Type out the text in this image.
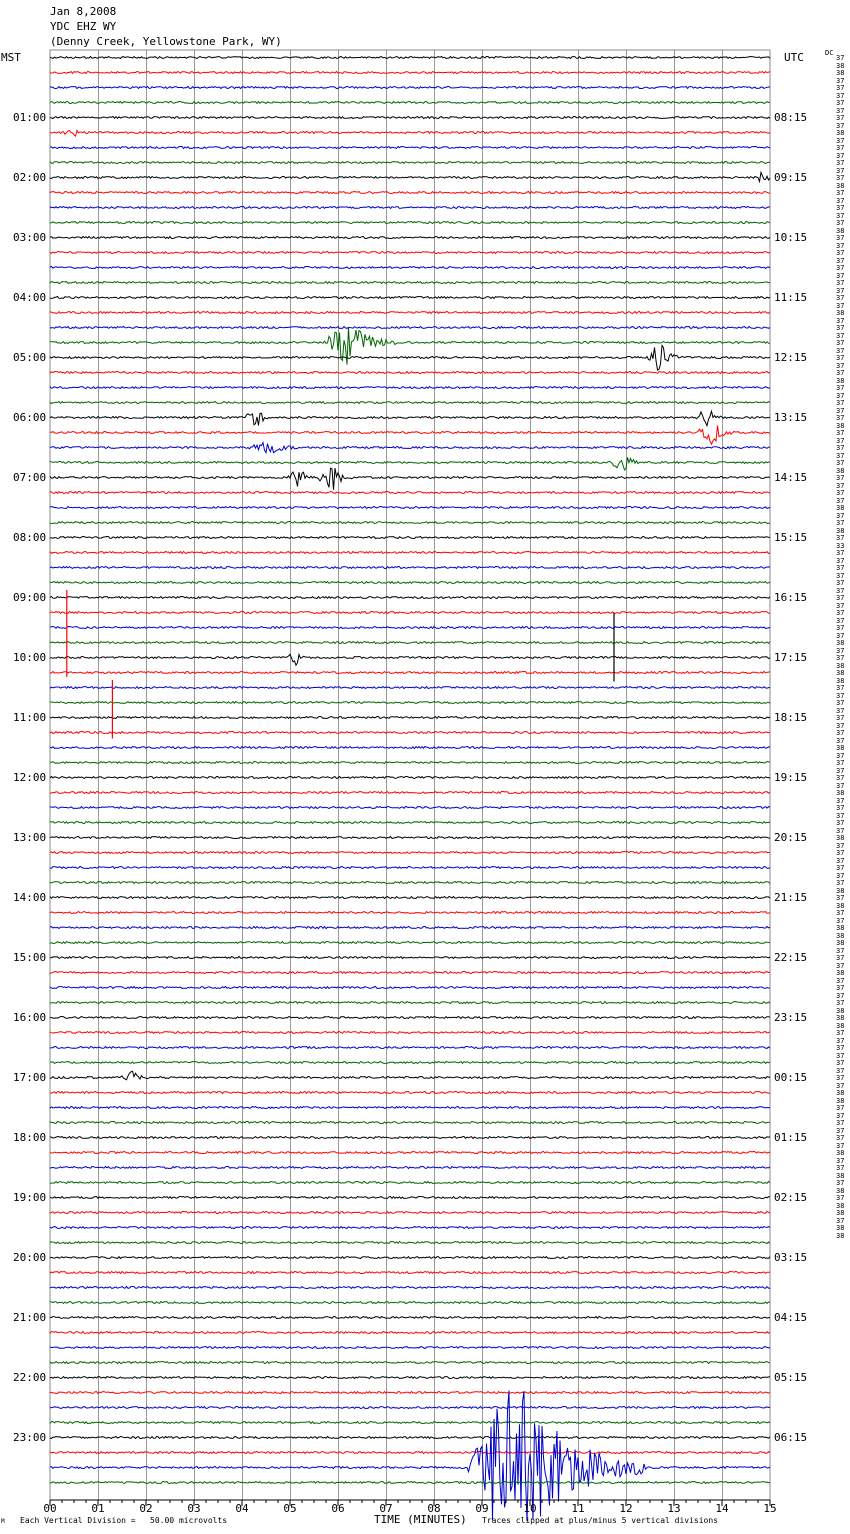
00	01	02	03	04	05	06	07	08	09	10	11	12	13	14	15
Jan 8,2008
YDC EHZ WY
(Denny Creek, Yellowstone Park, WY)
MST	UTC	DC
01:00
02:00
03:00
04:00
05:00
06:00
07:00
08:00
09:00
10:00
11:00
12:00
13:00
14:00
15:00
16:00
17:00
18:00
19:00
20:00
21:00
22:00
23:00
08:15
09:15
10:15
11:15
12:15
13:15
14:15
15:15
16:15
17:15
18:15
19:15
20:15
21:15
22:15
23:15
00:15
01:15
02:15
03:15
04:15
05:15
06:15
37
38
38
37
37
37
37
37
37
37
38
37
37
37
37
37
37
38
37
37
37
37
37
38
37
37
37
37
37
37
37
37
37
37
38
37
37
37
37
37
37
37
37
38
37
37
37
37
37
38
37
37
37
37
37
38
37
37
37
37
38
37
37
38
37
33
37
37
37
37
37
37
37
37
37
37
37
37
38
37
37
38
38
38
37
37
37
37
37
37
37
37
38
37
37
37
37
37
38
37
37
37
37
37
38
37
37
37
37
37
37
38
37
38
37
37
38
38
38
37
37
37
38
37
37
37
37
38
38
38
37
37
37
37
37
37
37
37
38
38
37
37
37
37
37
37
38
37
37
38
37
38
37
38
38
37
38
38
M Each Vertical Division =   50.00 microvolts	TIME (MINUTES) Traces clipped at plus/minus 5 vertical divisions
